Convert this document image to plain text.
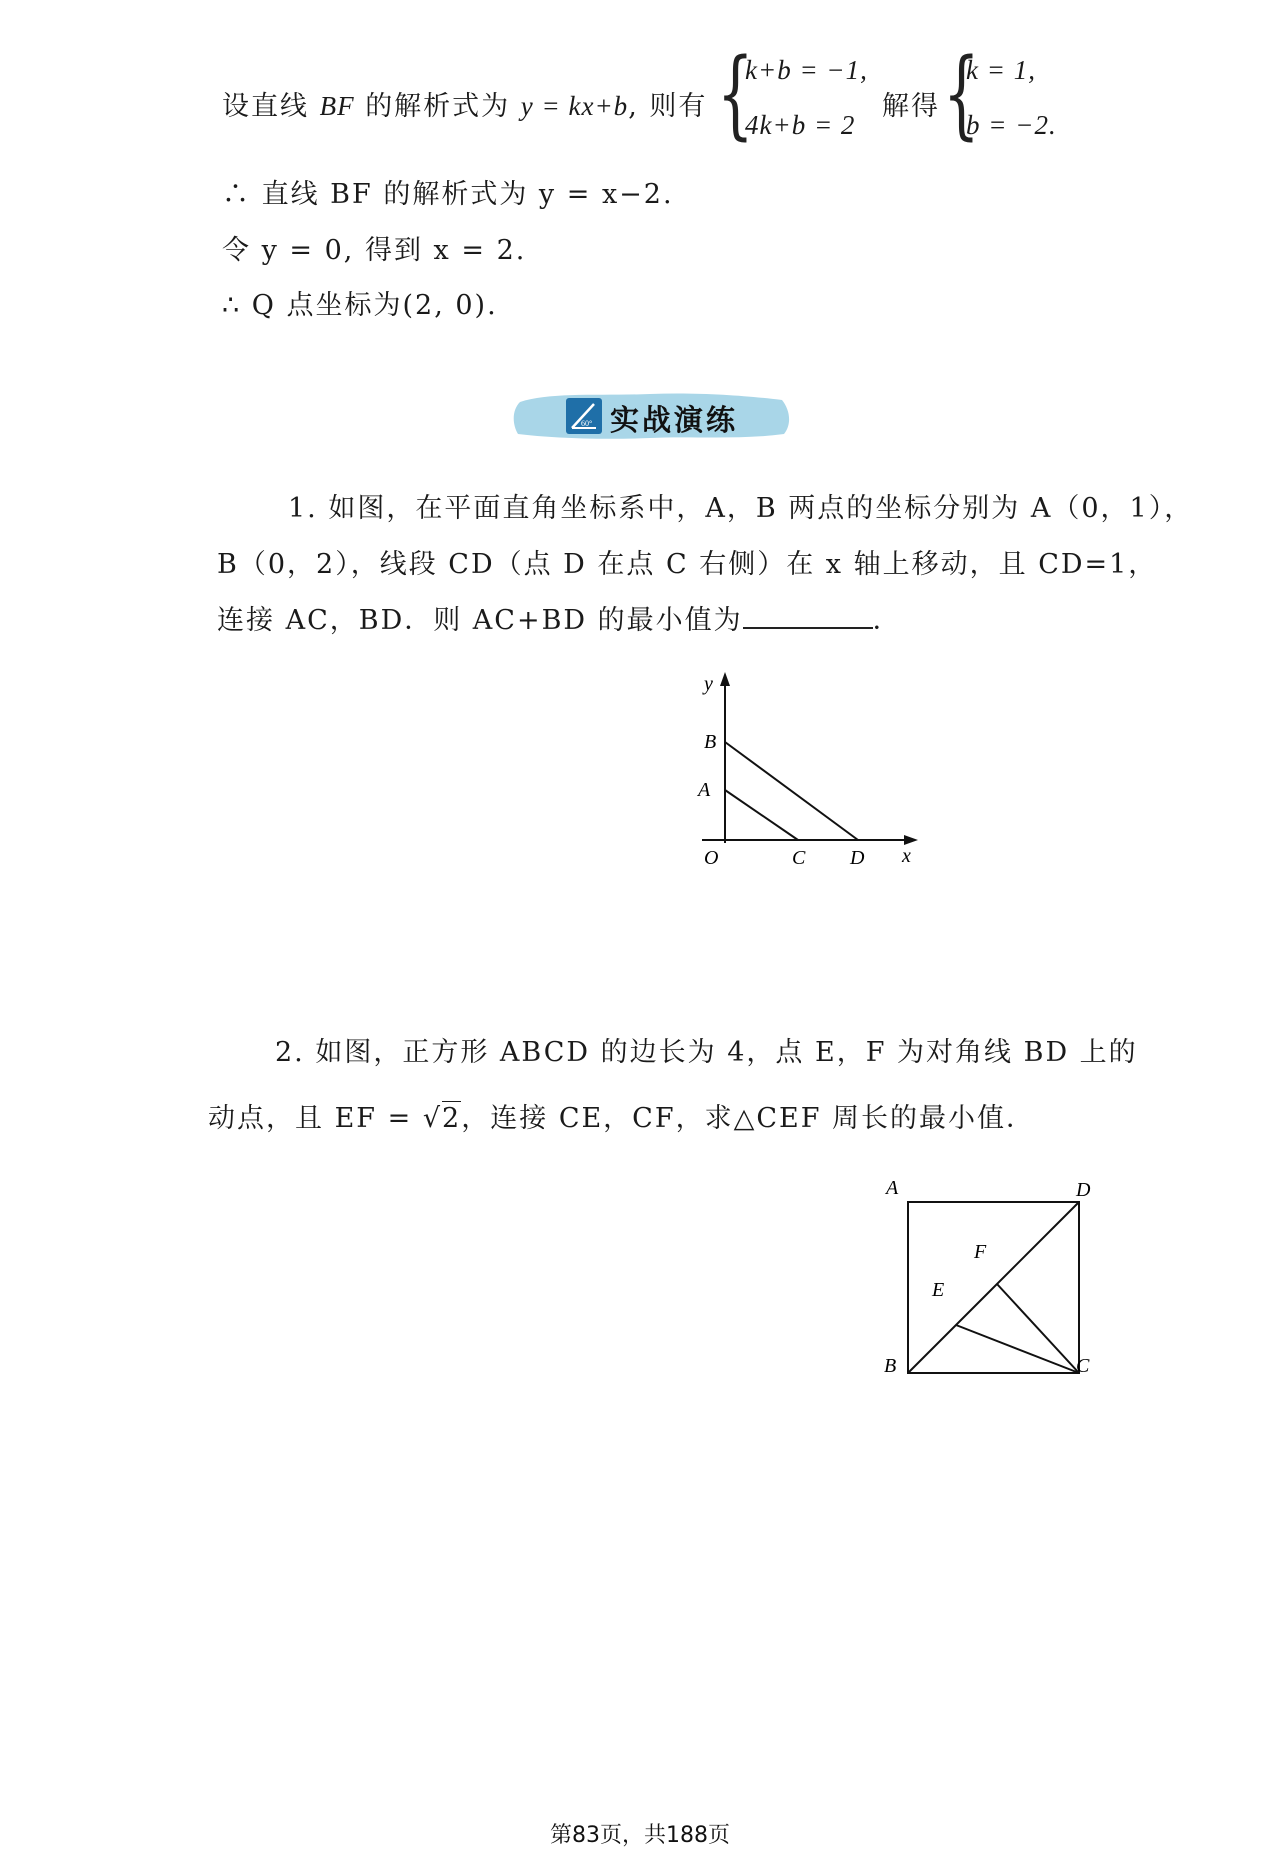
设直线 BF 的解析式为 y = kx+b, 则有 {
k+b = −1,
4k+b = 2
解得 {
k = 1,
b = −2.
∴ 直线 BF 的解析式为 y = x−2.
令 y = 0, 得到 x = 2.
∴ Q 点坐标为(2, 0).
60° 实战演练
1. 如图，在平面直角坐标系中，A，B 两点的坐标分别为 A（0，1），
B（0，2），线段 CD（点 D 在点 C 右侧）在 x 轴上移动，且 CD=1，
连接 AC，BD．则 AC+BD 的最小值为	．
y
B
A
O	C D x
2. 如图，正方形 ABCD 的边长为 4，点 E，F 为对角线 BD 上的
动点，且 EF = √2，连接 CE，CF，求△CEF 周长的最小值．
A	D
B	C
F
E
第83页，共188页
